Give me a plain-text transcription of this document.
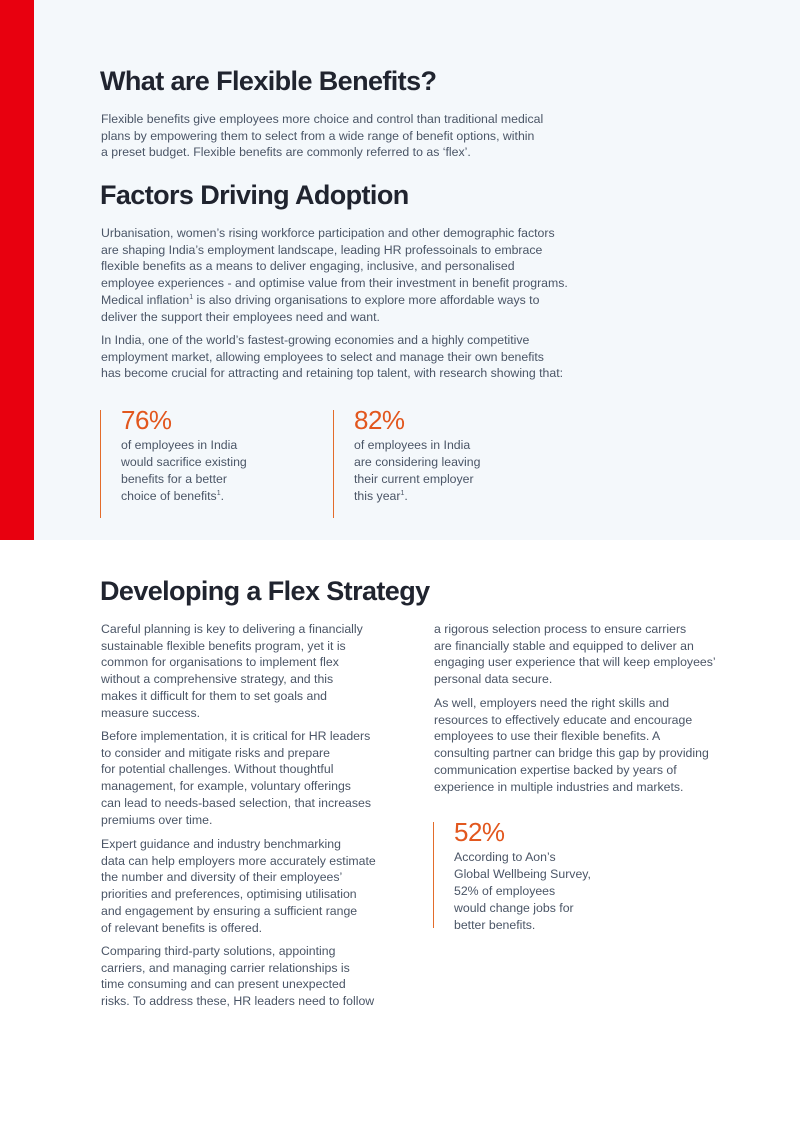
What are Flexible Benefits?

Flexible benefits give employees more choice and control than traditional medical
plans by empowering them to select from a wide range of benefit options, within
a preset budget. Flexible benefits are commonly referred to as ‘flex’.

Factors Driving Adoption

Urbanisation, women’s rising workforce participation and other demographic factors
are shaping India’s employment landscape, leading HR professoinals to embrace
flexible benefits as a means to deliver engaging, inclusive, and personalised
employee experiences - and optimise value from their investment in benefit programs.

Medical inflation$^1$ is also driving organisations to explore more affordable ways to
deliver the support their employees need and want.

In India, one of the world’s fastest-growing economies and a highly competitive
employment market, allowing employees to select and manage their own benefits
has become crucial for attracting and retaining top talent, with research showing that:

76%
of employees in India
would sacrifice existing
benefits for a better
choice of benefits$^1$.
82%
of employees in India
are considering leaving
their current employer
this year$^1$.
Developing a Flex Strategy

Careful planning is key to delivering a financially
sustainable flexible benefits program, yet it is
common for organisations to implement flex
without a comprehensive strategy, and this
makes it difficult for them to set goals and
measure success.

Before implementation, it is critical for HR leaders
to consider and mitigate risks and prepare
for potential challenges. Without thoughtful
management, for example, voluntary offerings
can lead to needs-based selection, that increases
premiums over time.

Expert guidance and industry benchmarking
data can help employers more accurately estimate
the number and diversity of their employees’
priorities and preferences, optimising utilisation
and engagement by ensuring a sufficient range
of relevant benefits is offered.

Comparing third-party solutions, appointing
carriers, and managing carrier relationships is
time consuming and can present unexpected
risks. To address these, HR leaders need to follow

a rigorous selection process to ensure carriers
are financially stable and equipped to deliver an
engaging user experience that will keep employees’
personal data secure.

As well, employers need the right skills and
resources to effectively educate and encourage
employees to use their flexible benefits. A
consulting partner can bridge this gap by providing
communication expertise backed by years of
experience in multiple industries and markets.

52%
According to Aon’s
Global Wellbeing Survey,
52% of employees
would change jobs for
better benefits.
